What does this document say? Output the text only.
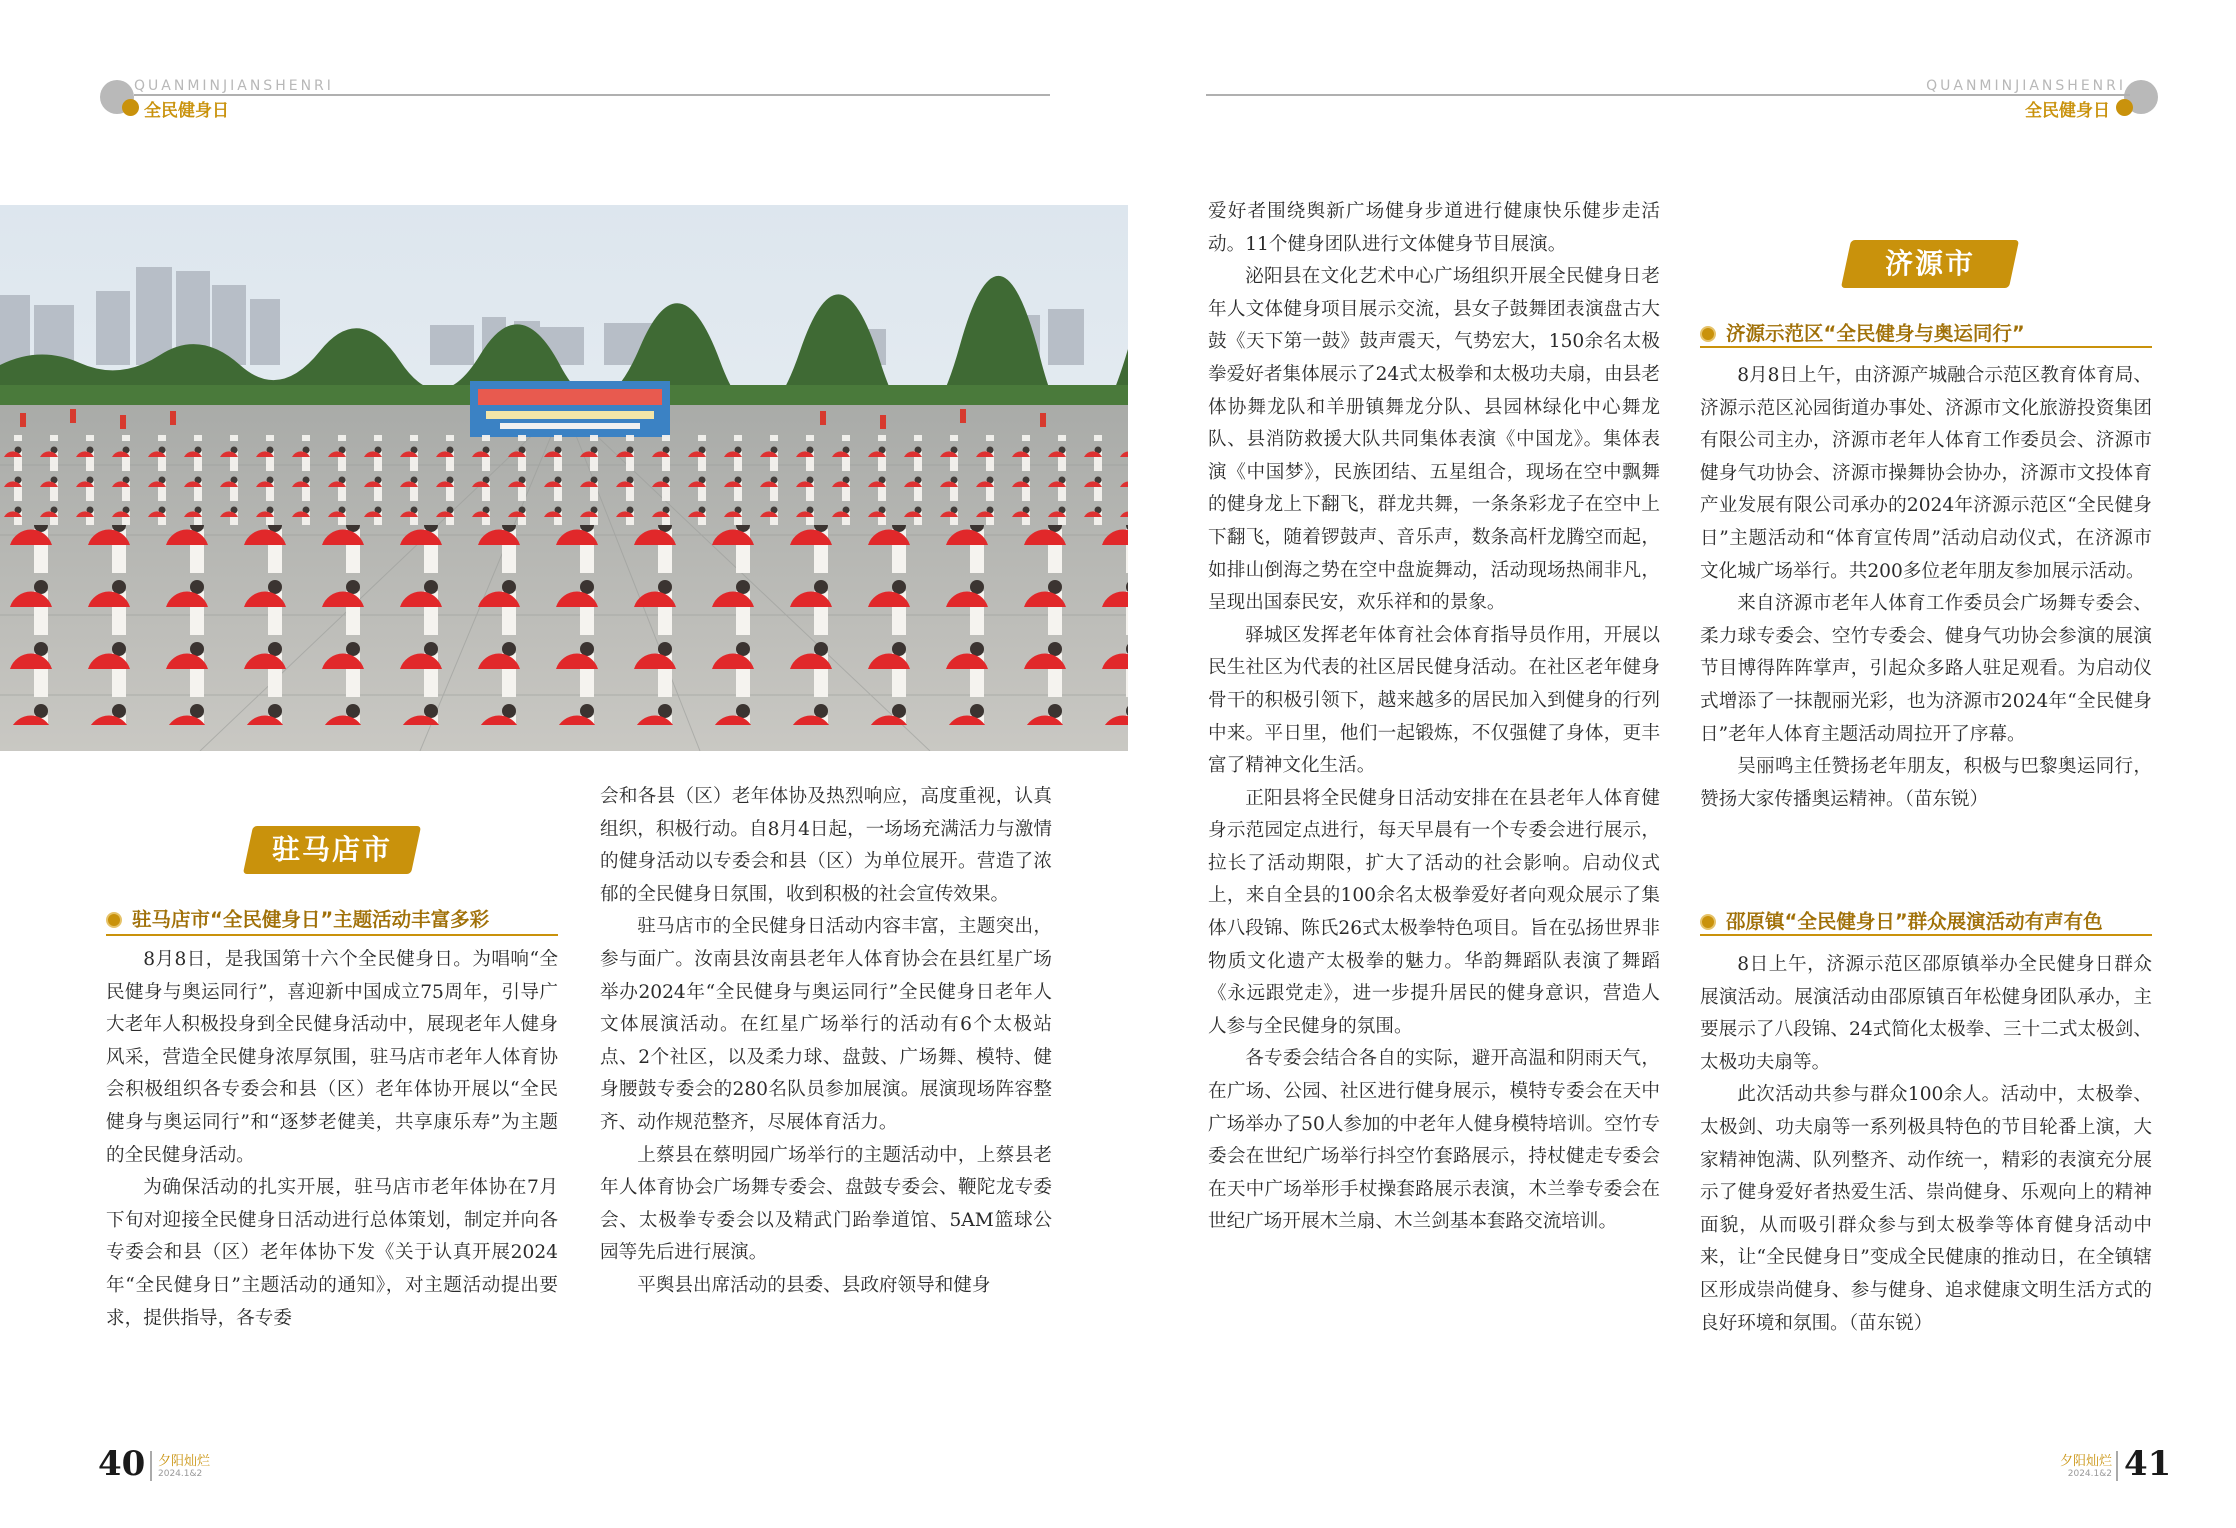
QUANMINJIANSHENRI
全民健身日
QUANMINJIANSHENRI
全民健身日
驻马店市
驻马店市“全民健身日”主题活动丰富多彩

8月8日，是我国第十六个全民健身日。为唱响“全民健身与奥运同行”，喜迎新中国成立75周年，引导广大老年人积极投身到全民健身活动中，展现老年人健身风采，营造全民健身浓厚氛围，驻马店市老年人体育协会积极组织各专委会和县（区）老年体协开展以“全民健身与奥运同行”和“逐梦老健美，共享康乐寿”为主题的全民健身活动。

为确保活动的扎实开展，驻马店市老年体协在7月下旬对迎接全民健身日活动进行总体策划，制定并向各专委会和县（区）老年体协下发《关于认真开展2024年“全民健身日”主题活动的通知》，对主题活动提出要求，提供指导，各专委

会和各县（区）老年体协及热烈响应，高度重视，认真组织，积极行动。自8月4日起，一场场充满活力与激情的健身活动以专委会和县（区）为单位展开。营造了浓郁的全民健身日氛围，收到积极的社会宣传效果。

驻马店市的全民健身日活动内容丰富，主题突出，参与面广。汝南县汝南县老年人体育协会在县红星广场举办2024年“全民健身与奥运同行”全民健身日老年人文体展演活动。在红星广场举行的活动有6个太极站点、2个社区，以及柔力球、盘鼓、广场舞、模特、健身腰鼓专委会的280名队员参加展演。展演现场阵容整齐、动作规范整齐，尽展体育活力。

上蔡县在蔡明园广场举行的主题活动中，上蔡县老年人体育协会广场舞专委会、盘鼓专委会、鞭陀龙专委会、太极拳专委会以及精武门跆拳道馆、5AM篮球公园等先后进行展演。

平舆县出席活动的县委、县政府领导和健身

爱好者围绕舆新广场健身步道进行健康快乐健步走活动。11个健身团队进行文体健身节目展演。

泌阳县在文化艺术中心广场组织开展全民健身日老年人文体健身项目展示交流，县女子鼓舞团表演盘古大鼓《天下第一鼓》鼓声震天，气势宏大，150余名太极拳爱好者集体展示了24式太极拳和太极功夫扇，由县老体协舞龙队和羊册镇舞龙分队、县园林绿化中心舞龙队、县消防救援大队共同集体表演《中国龙》。集体表演《中国梦》，民族团结、五星组合，现场在空中飘舞的健身龙上下翻飞，群龙共舞，一条条彩龙子在空中上下翻飞，随着锣鼓声、音乐声，数条高杆龙腾空而起，如排山倒海之势在空中盘旋舞动，活动现场热闹非凡，呈现出国泰民安，欢乐祥和的景象。

驿城区发挥老年体育社会体育指导员作用，开展以民生社区为代表的社区居民健身活动。在社区老年健身骨干的积极引领下，越来越多的居民加入到健身的行列中来。平日里，他们一起锻炼，不仅强健了身体，更丰富了精神文化生活。

正阳县将全民健身日活动安排在在县老年人体育健身示范园定点进行，每天早晨有一个专委会进行展示，拉长了活动期限，扩大了活动的社会影响。启动仪式上，来自全县的100余名太极拳爱好者向观众展示了集体八段锦、陈氏26式太极拳特色项目。旨在弘扬世界非物质文化遗产太极拳的魅力。华韵舞蹈队表演了舞蹈《永远跟党走》，进一步提升居民的健身意识，营造人人参与全民健身的氛围。

各专委会结合各自的实际，避开高温和阴雨天气，在广场、公园、社区进行健身展示，模特专委会在天中广场举办了50人参加的中老年人健身模特培训。空竹专委会在世纪广场举行抖空竹套路展示，持杖健走专委会在天中广场举形手杖操套路展示表演，木兰拳专委会在世纪广场开展木兰扇、木兰剑基本套路交流培训。

济源市
济源示范区“全民健身与奥运同行”

8月8日上午，由济源产城融合示范区教育体育局、济源示范区沁园街道办事处、济源市文化旅游投资集团有限公司主办，济源市老年人体育工作委员会、济源市健身气功协会、济源市操舞协会协办，济源市文投体育产业发展有限公司承办的2024年济源示范区“全民健身日”主题活动和“体育宣传周”活动启动仪式，在济源市文化城广场举行。共200多位老年朋友参加展示活动。

来自济源市老年人体育工作委员会广场舞专委会、柔力球专委会、空竹专委会、健身气功协会参演的展演节目博得阵阵掌声，引起众多路人驻足观看。为启动仪式增添了一抹靓丽光彩，也为济源市2024年“全民健身日”老年人体育主题活动周拉开了序幕。

吴丽鸣主任赞扬老年朋友，积极与巴黎奥运同行，赞扬大家传播奥运精神。（苗东锐）

邵原镇“全民健身日”群众展演活动有声有色

8日上午，济源示范区邵原镇举办全民健身日群众展演活动。展演活动由邵原镇百年松健身团队承办，主要展示了八段锦、24式简化太极拳、三十二式太极剑、太极功夫扇等。

此次活动共参与群众100余人。活动中，太极拳、太极剑、功夫扇等一系列极具特色的节目轮番上演，大家精神饱满、队列整齐、动作统一，精彩的表演充分展示了健身爱好者热爱生活、崇尚健身、乐观向上的精神面貌，从而吸引群众参与到太极拳等体育健身活动中来，让“全民健身日”变成全民健康的推动日，在全镇辖区形成崇尚健身、参与健身、追求健康文明生活方式的良好环境和氛围。（苗东锐）

40 夕阳灿烂
2024.1&2
夕阳灿烂
2024.1&2 41
